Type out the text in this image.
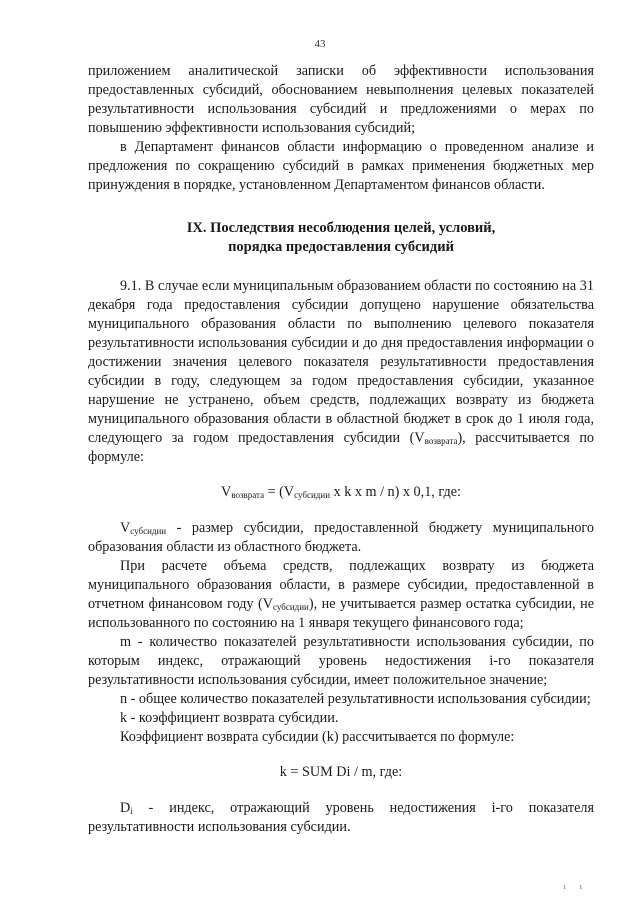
43

приложением аналитической записки об эффективности использования предоставленных субсидий, обоснованием невыполнения целевых показателей результативности использования субсидий и предложениями о мерах по повышению эффективности использования субсидий;

в Департамент финансов области информацию о проведенном анализе и предложения по сокращению субсидий в рамках применения бюджетных мер принуждения в порядке, установленном Департаментом финансов области.

IX. Последствия несоблюдения целей, условий,
порядка предоставления субсидий

9.1. В случае если муниципальным образованием области по состоянию на 31 декабря года предоставления субсидии допущено нарушение обязательства муниципального образования области по выполнению целевого показателя результативности использования субсидии и до дня предоставления информации о достижении значения целевого показателя результативности предоставления субсидии в году, следующем за годом предоставления субсидии, указанное нарушение не устранено, объем средств, подлежащих возврату из бюджета муниципального образования области в областной бюджет в срок до 1 июля года, следующего за годом предоставления субсидии $(V_{возврата})$, рассчитывается по формуле:

$V_{возврата} = (V_{субсидии}$ x k x m / n) x 0,1, где:

$V_{субсидии}$ - размер субсидии, предоставленной бюджету муниципального образования области из областного бюджета.

При расчете объема средств, подлежащих возврату из бюджета муниципального образования области, в размере субсидии, предоставленной в отчетном финансовом году $(V_{субсидии})$, не учитывается размер остатка субсидии, не использованного по состоянию на 1 января текущего финансового года;

m - количество показателей результативности использования субсидии, по которым индекс, отражающий уровень недостижения i-го показателя результативности использования субсидии, имеет положительное значение;

n - общее количество показателей результативности использования субсидии;

k - коэффициент возврата субсидии.

Коэффициент возврата субсидии (k) рассчитывается по формуле:

k = SUM Di / m, где:

$D_i$ - индекс, отражающий уровень недостижения i-го показателя результативности использования субсидии.

ı ı
